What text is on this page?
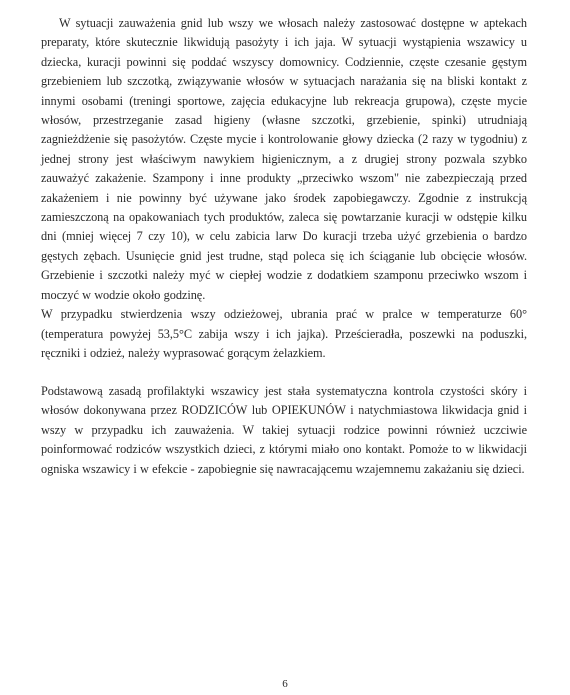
W sytuacji zauważenia gnid lub wszy we włosach należy zastosować dostępne w aptekach preparaty, które skutecznie likwidują pasożyty i ich jaja. W sytuacji wystąpienia wszawicy u dziecka, kuracji powinni się poddać wszyscy domownicy. Codziennie, częste czesanie gęstym grzebieniem lub szczotką, związywanie włosów w sytuacjach narażania się na bliski kontakt z innymi osobami (treningi sportowe, zajęcia edukacyjne lub rekreacja grupowa), częste mycie włosów, przestrzeganie zasad higieny (własne szczotki, grzebienie, spinki) utrudniają zagnieżdżenie się pasożytów. Częste mycie i kontrolowanie głowy dziecka (2 razy w tygodniu) z jednej strony jest właściwym nawykiem higienicznym, a z drugiej strony pozwala szybko zauważyć zakażenie. Szampony i inne produkty „przeciwko wszom" nie zabezpieczają przed zakażeniem i nie powinny być używane jako środek zapobiegawczy. Zgodnie z instrukcją zamieszczoną na opakowaniach tych produktów, zaleca się powtarzanie kuracji w odstępie kilku dni (mniej więcej 7 czy 10), w celu zabicia larw Do kuracji trzeba użyć grzebienia o bardzo gęstych zębach. Usunięcie gnid jest trudne, stąd poleca się ich ściąganie lub obcięcie włosów. Grzebienie i szczotki należy myć w ciepłej wodzie z dodatkiem szamponu przeciwko wszom i moczyć w wodzie około godzinę.

W przypadku stwierdzenia wszy odzieżowej, ubrania prać w pralce w temperaturze 60° (temperatura powyżej 53,5°C zabija wszy i ich jajka). Prześcieradła, poszewki na poduszki, ręczniki i odzież, należy wyprasować gorącym żelazkiem.

Podstawową zasadą profilaktyki wszawicy jest stała systematyczna kontrola czystości skóry i włosów dokonywana przez RODZICÓW lub OPIEKUNÓW i natychmiastowa likwidacja gnid i wszy w przypadku ich zauważenia. W takiej sytuacji rodzice powinni również uczciwie poinformować rodziców wszystkich dzieci, z którymi miało ono kontakt. Pomoże to w likwidacji ogniska wszawicy i w efekcie - zapobiegnie się nawracającemu wzajemnemu zakażaniu się dzieci.

6
